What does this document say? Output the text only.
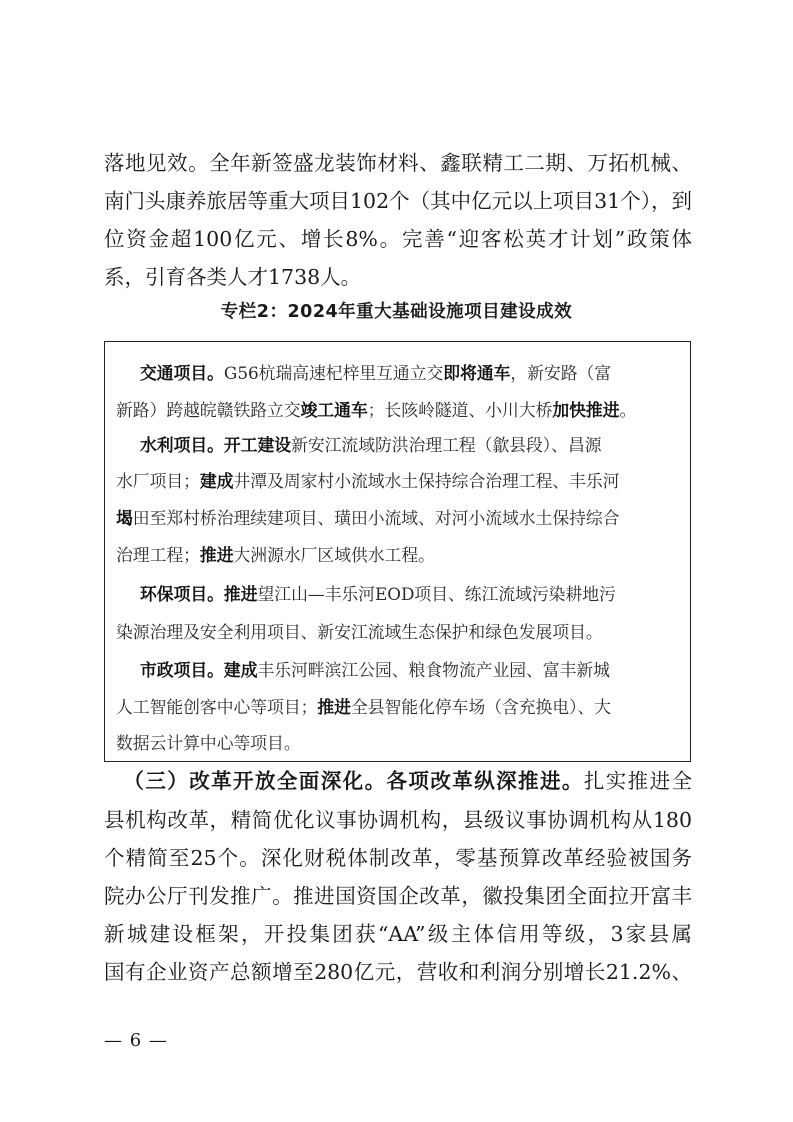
落地见效。全年新签盛龙装饰材料、鑫联精工二期、万拓机械、
南门头康养旅居等重大项目102个（其中亿元以上项目31个），到
位资金超100亿元、增长8%。完善“迎客松英才计划”政策体
系，引育各类人才1738人。
专栏2：2024年重大基础设施项目建设成效
交通项目。G56杭瑞高速杞梓里互通立交即将通车，新安路（富
新路）跨越皖赣铁路立交竣工通车；长陔岭隧道、小川大桥加快推进。
水利项目。开工建设新安江流域防洪治理工程（歙县段）、昌源
水厂项目；建成井潭及周家村小流域水土保持综合治理工程、丰乐河
堨田至郑村桥治理续建项目、璜田小流域、对河小流域水土保持综合
治理工程；推进大洲源水厂区域供水工程。
环保项目。推进望江山—丰乐河EOD项目、练江流域污染耕地污
染源治理及安全利用项目、新安江流域生态保护和绿色发展项目。
市政项目。建成丰乐河畔滨江公园、粮食物流产业园、富丰新城
人工智能创客中心等项目；推进全县智能化停车场（含充换电）、大
数据云计算中心等项目。
（三）改革开放全面深化。各项改革纵深推进。扎实推进全
县机构改革，精简优化议事协调机构，县级议事协调机构从180
个精简至25个。深化财税体制改革，零基预算改革经验被国务
院办公厅刊发推广。推进国资国企改革，徽投集团全面拉开富丰
新城建设框架，开投集团获“AA”级主体信用等级，3家县属
国有企业资产总额增至280亿元，营收和利润分别增长21.2%、
— 6 —
